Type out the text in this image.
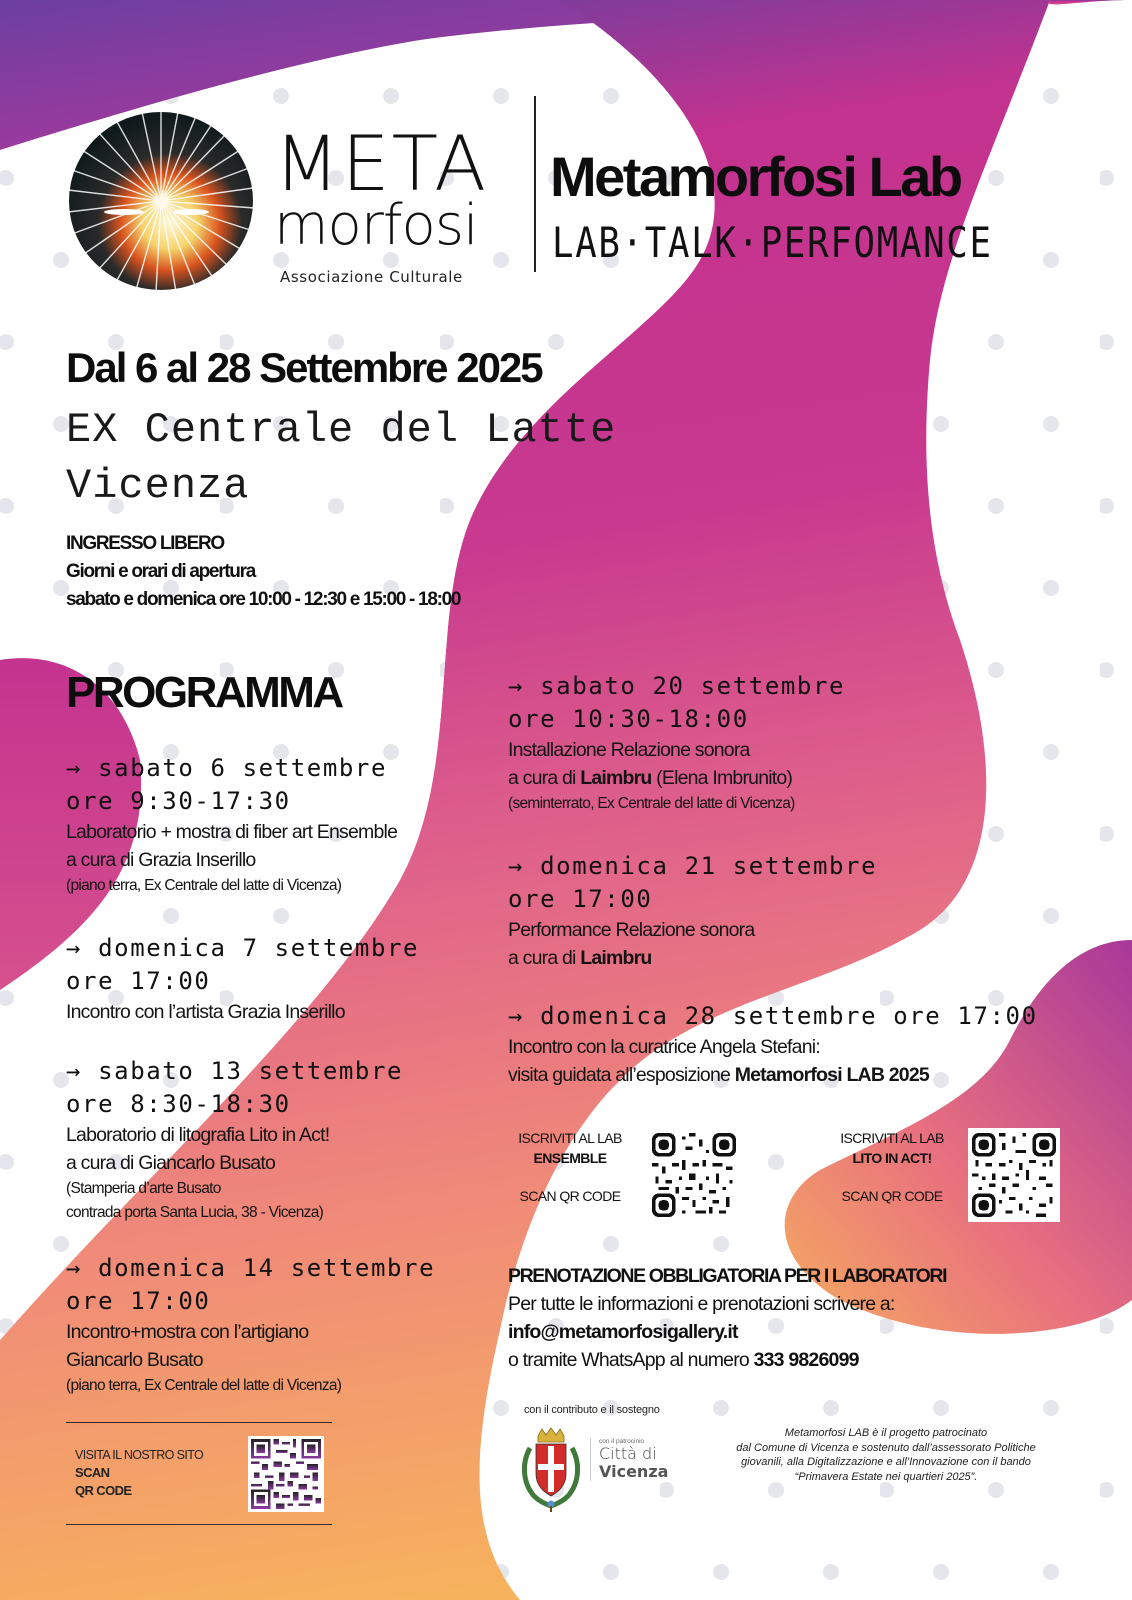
META
morfosi
Associazione Culturale
Metamorfosi Lab
LAB·TALK·PERFOMANCE
Dal 6 al 28 Settembre 2025
EX Centrale del Latte
Vicenza
INGRESSO LIBERO
Giorni e orari di apertura
sabato e domenica ore 10:00 - 12:30 e 15:00 - 18:00
PROGRAMMA
→ sabato 6 settembre
ore 9:30-17:30
Laboratorio + mostra di fiber art Ensemble
a cura di Grazia Inserillo
(piano terra, Ex Centrale del latte di Vicenza)
→ domenica 7 settembre
ore 17:00
Incontro con l’artista Grazia Inserillo
→ sabato 13 settembre
ore 8:30-18:30
Laboratorio di litografia Lito in Act!
a cura di Giancarlo Busato
(Stamperia d’arte Busato
contrada porta Santa Lucia, 38 - Vicenza)
→ domenica 14 settembre
ore 17:00
Incontro+mostra con l’artigiano
Giancarlo Busato
(piano terra, Ex Centrale del latte di Vicenza)
→ sabato 20 settembre
ore 10:30-18:00
Installazione Relazione sonora
a cura di Laimbru (Elena Imbrunito)
(seminterrato, Ex Centrale del latte di Vicenza)
→ domenica 21 settembre
ore 17:00
Performance Relazione sonora
a cura di Laimbru
→ domenica 28 settembre ore 17:00
Incontro con la curatrice Angela Stefani:
visita guidata all’esposizione Metamorfosi LAB 2025
ISCRIVITI AL LAB
ENSEMBLE
SCAN QR CODE
ISCRIVITI AL LAB
LITO IN ACT!
SCAN QR CODE
PRENOTAZIONE OBBLIGATORIA PER I LABORATORI
Per tutte le informazioni e prenotazioni scrivere a:
info@metamorfosigallery.it
o tramite WhatsApp al numero 333 9826099
VISITA IL NOSTRO SITO
SCAN
QR CODE
con il contributo e il sostegno
con il patrocinio
Città di
Vicenza
Metamorfosi LAB è il progetto patrocinato
dal Comune di Vicenza e sostenuto dall’assessorato Politiche
giovanili, alla Digitalizzazione e all’Innovazione con il bando
“Primavera Estate nei quartieri 2025”.
